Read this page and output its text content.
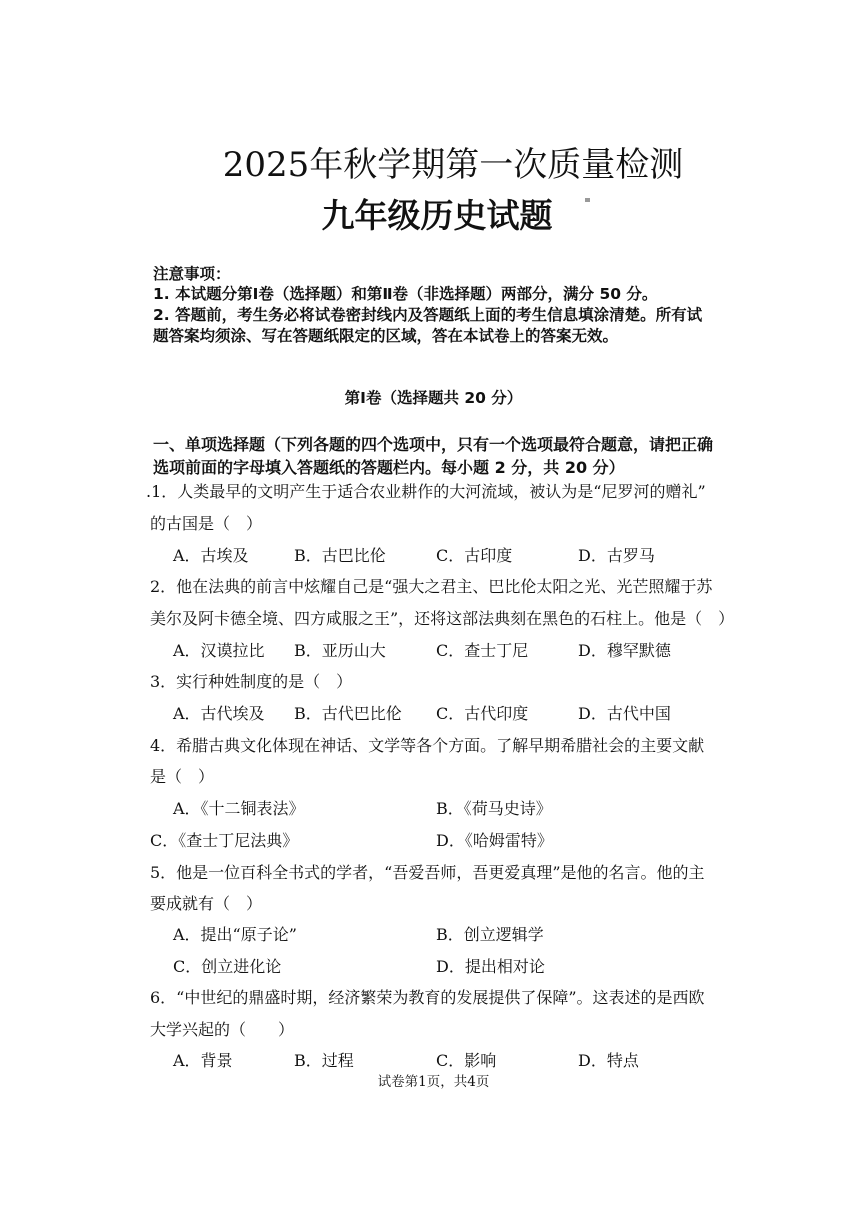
2025年秋学期第一次质量检测
九年级历史试题
注意事项：
1. 本试题分第Ⅰ卷（选择题）和第Ⅱ卷（非选择题）两部分，满分 50 分。
2. 答题前，考生务必将试卷密封线内及答题纸上面的考生信息填涂清楚。所有试
题答案均须涂、写在答题纸限定的区域，答在本试卷上的答案无效。
第Ⅰ卷（选择题共 20 分）
一、单项选择题（下列各题的四个选项中，只有一个选项最符合题意，请把正确
选项前面的字母填入答题纸的答题栏内。每小题 2 分，共 20 分）
.1．人类最早的文明产生于适合农业耕作的大河流域，被认为是“尼罗河的赠礼”
的古国是（　）
A．古埃及	B．古巴比伦	C．古印度	D．古罗马
2．他在法典的前言中炫耀自己是“强大之君主、巴比伦太阳之光、光芒照耀于苏
美尔及阿卡德全境、四方咸服之王”，还将这部法典刻在黑色的石柱上。他是（　）
A．汉谟拉比 B．亚历山大	C．查士丁尼	D．穆罕默德
3．实行种姓制度的是（　）
A．古代埃及 B．古代巴比伦 C．古代印度	D．古代中国
4．希腊古典文化体现在神话、文学等各个方面。了解早期希腊社会的主要文献
是（　）
A．《十二铜表法》	B．《荷马史诗》
C．《查士丁尼法典》	D．《哈姆雷特》
5．他是一位百科全书式的学者，“吾爱吾师，吾更爱真理”是他的名言。他的主
要成就有（　）
A．提出“原子论”	B．创立逻辑学
C．创立进化论	D．提出相对论
6．“中世纪的鼎盛时期，经济繁荣为教育的发展提供了保障”。这表述的是西欧
大学兴起的（　　）
A．背景	B．过程	C．影响	D．特点
试卷第1页，共4页
